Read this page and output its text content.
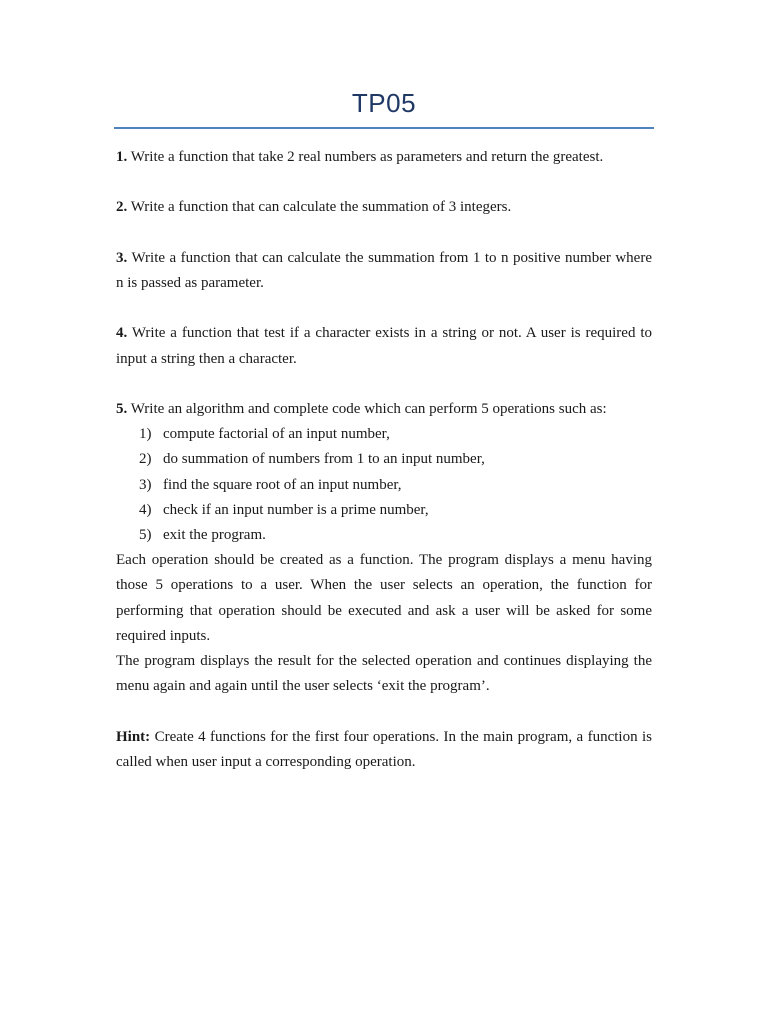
TP05

1. Write a function that take 2 real numbers as parameters and return the greatest.

2. Write a function that can calculate the summation of 3 integers.

3. Write a function that can calculate the summation from 1 to n positive number where n is passed as parameter.

4. Write a function that test if a character exists in a string or not. A user is required to input a string then a character.

5. Write an algorithm and complete code which can perform 5 operations such as:

1) compute factorial of an input number,
2) do summation of numbers from 1 to an input number,
3) find the square root of an input number,
4) check if an input number is a prime number,
5) exit the program.

Each operation should be created as a function. The program displays a menu having those 5 operations to a user. When the user selects an operation, the function for performing that operation should be executed and ask a user will be asked for some required inputs.

The program displays the result for the selected operation and continues displaying the menu again and again until the user selects ‘exit the program’.

Hint: Create 4 functions for the first four operations. In the main program, a function is called when user input a corresponding operation.
